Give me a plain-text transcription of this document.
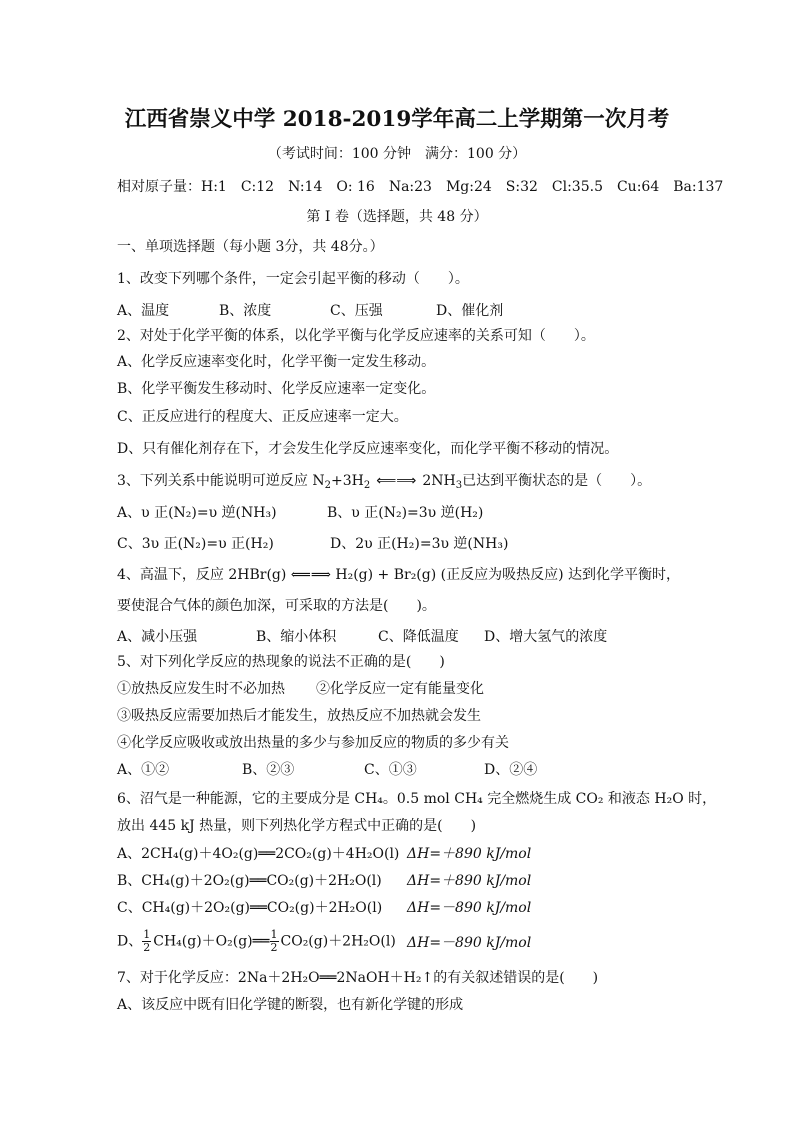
江西省崇义中学 2018-2019学年高二上学期第一次月考
（考试时间：100 分钟　满分：100 分）
相对原子量：H:1　C:12　N:14　O: 16　Na:23　Mg:24　S:32　Cl:35.5　Cu:64　Ba:137
第 I 卷（选择题，共 48 分）
一、单项选择题（每小题 3分，共 48分。）
1、改变下列哪个条件，一定会引起平衡的移动（　　）。
A、温度	B、浓度	C、压强	D、催化剂
2、对处于化学平衡的体系，以化学平衡与化学反应速率的关系可知（　　）。
A、化学反应速率变化时，化学平衡一定发生移动。
B、化学平衡发生移动时、化学反应速率一定变化。
C、正反应进行的程度大、正反应速率一定大。
D、只有催化剂存在下，才会发生化学反应速率变化，而化学平衡不移动的情况。
3、下列关系中能说明可逆反应 $N_2+3H_2$ ⟸⟹ $2NH_3$已达到平衡状态的是（　　）。
A、υ 正(N₂)=υ 逆(NH₃)	B、υ 正(N₂)=3υ 逆(H₂)
C、3υ 正(N₂)=υ 正(H₂)	D、2υ 正(H₂)=3υ 逆(NH₃)
4、高温下，反应 2HBr(g) ⟸⟹ H₂(g) + Br₂(g) (正反应为吸热反应) 达到化学平衡时，
要使混合气体的颜色加深，可采取的方法是(　　)。
A、减小压强	B、缩小体积	C、降低温度 D、增大氢气的浓度
5、对下列化学反应的热现象的说法不正确的是(　　)
①放热反应发生时不必加热 ②化学反应一定有能量变化
③吸热反应需要加热后才能发生，放热反应不加热就会发生
④化学反应吸收或放出热量的多少与参加反应的物质的多少有关
A、①②	B、②③	C、①③	D、②④
6、沼气是一种能源，它的主要成分是 CH₄。0.5 mol CH₄ 完全燃烧生成 CO₂ 和液态 H₂O 时，
放出 445 kJ 热量，则下列热化学方程式中正确的是(　　)
A、2CH₄(g)＋4O₂(g)══2CO₂(g)＋4H₂O(l) ΔH=＋890 kJ/mol
B、CH₄(g)＋2O₂(g)══CO₂(g)＋2H₂O(l) ΔH=＋890 kJ/mol
C、CH₄(g)＋2O₂(g)══CO₂(g)＋2H₂O(l) ΔH=－890 kJ/mol
D、 $\frac{1}{2}$ CH₄(g)＋O₂(g)══ $\frac{1}{2} CO_2(g)+2H_2O(l)$ ΔH=－890 kJ/mol
7、对于化学反应：2Na＋2H₂O══2NaOH＋H₂↑的有关叙述错误的是(　　)
A、该反应中既有旧化学键的断裂，也有新化学键的形成
